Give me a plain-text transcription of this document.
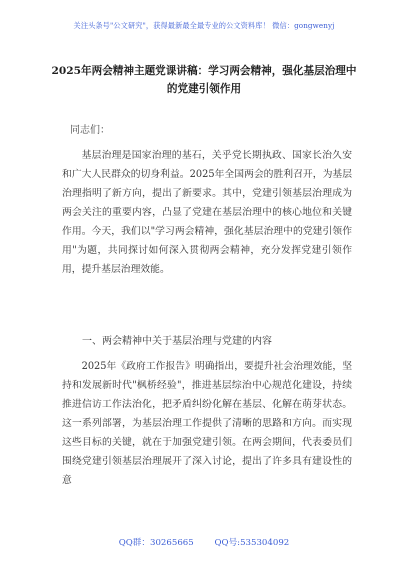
关注头条号"公文研究"，获得最新最全最专业的公文资料库！ 微信：gongwenyj
2025年两会精神主题党课讲稿：学习两会精神，强化基层治理中的党建引领作用
同志们：
基层治理是国家治理的基石，关乎党长期执政、国家长治久安和广大人民群众的切身利益。2025年全国两会的胜利召开，为基层治理指明了新方向，提出了新要求。其中，党建引领基层治理成为两会关注的重要内容，凸显了党建在基层治理中的核心地位和关键作用。今天，我们以"学习两会精神，强化基层治理中的党建引领作用"为题，共同探讨如何深入贯彻两会精神，充分发挥党建引领作用，提升基层治理效能。
一、两会精神中关于基层治理与党建的内容
2025年《政府工作报告》明确指出，要提升社会治理效能，坚持和发展新时代"枫桥经验"，推进基层综治中心规范化建设，持续推进信访工作法治化，把矛盾纠纷化解在基层、化解在萌芽状态。这一系列部署，为基层治理工作提供了清晰的思路和方向。而实现这些目标的关键，就在于加强党建引领。在两会期间，代表委员们围绕党建引领基层治理展开了深入讨论，提出了许多具有建设性的意
QQ群：30265665 QQ号:535304092
